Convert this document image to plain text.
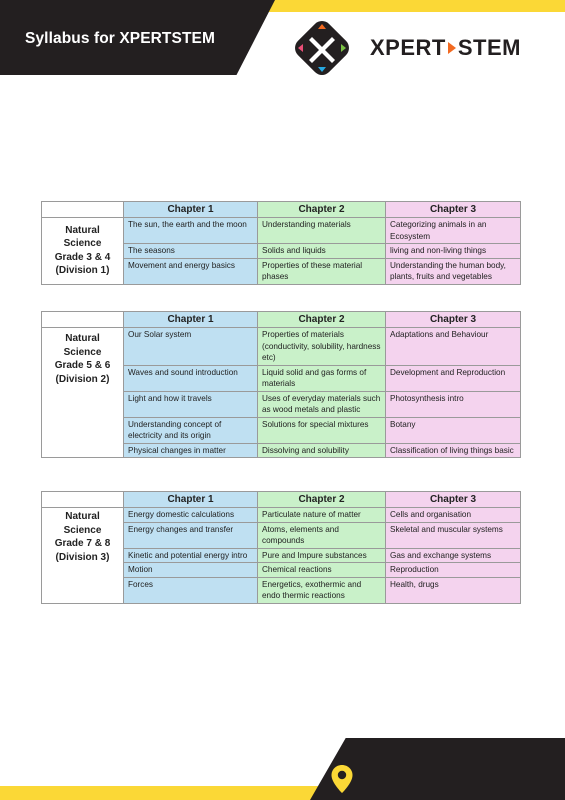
Syllabus for XPERTSTEM	XPERT STEM
	Chapter 1	Chapter 2	Chapter 3

Natural
Science
Grade 3 & 4
(Division 1)	The sun, the earth and the moon	Understanding materials	Categorizing animals in an Ecosystem
	The seasons	Solids and liquids	living and non-living things
	Movement and energy basics	Properties of these material phases	Understanding the human body, plants, fruits and vegetables
	Chapter 1	Chapter 2	Chapter 3

Natural
Science
Grade 5 & 6
(Division 2)	Our Solar system	Properties of materials (conductivity, solubility, hardness etc)	Adaptations and Behaviour
	Waves and sound introduction	Liquid solid and gas forms of materials	Development and Reproduction
	Light and how it travels	Uses of everyday materials such as wood metals and plastic	Photosynthesis intro
	Understanding concept of electricity and its origin	Solutions for special mixtures	Botany
	Physical changes in matter	Dissolving and solubility	Classification of living things basic
	Chapter 1	Chapter 2	Chapter 3

Natural
Science
Grade 7 & 8
(Division 3)	Energy domestic calculations	Particulate nature of matter	Cells and organisation
	Energy changes and transfer	Atoms, elements and compounds	Skeletal and muscular systems
	Kinetic and potential energy intro	Pure and Impure substances	Gas and exchange systems
	Motion	Chemical reactions	Reproduction
	Forces	Energetics, exothermic and endo thermic reactions	Health, drugs
